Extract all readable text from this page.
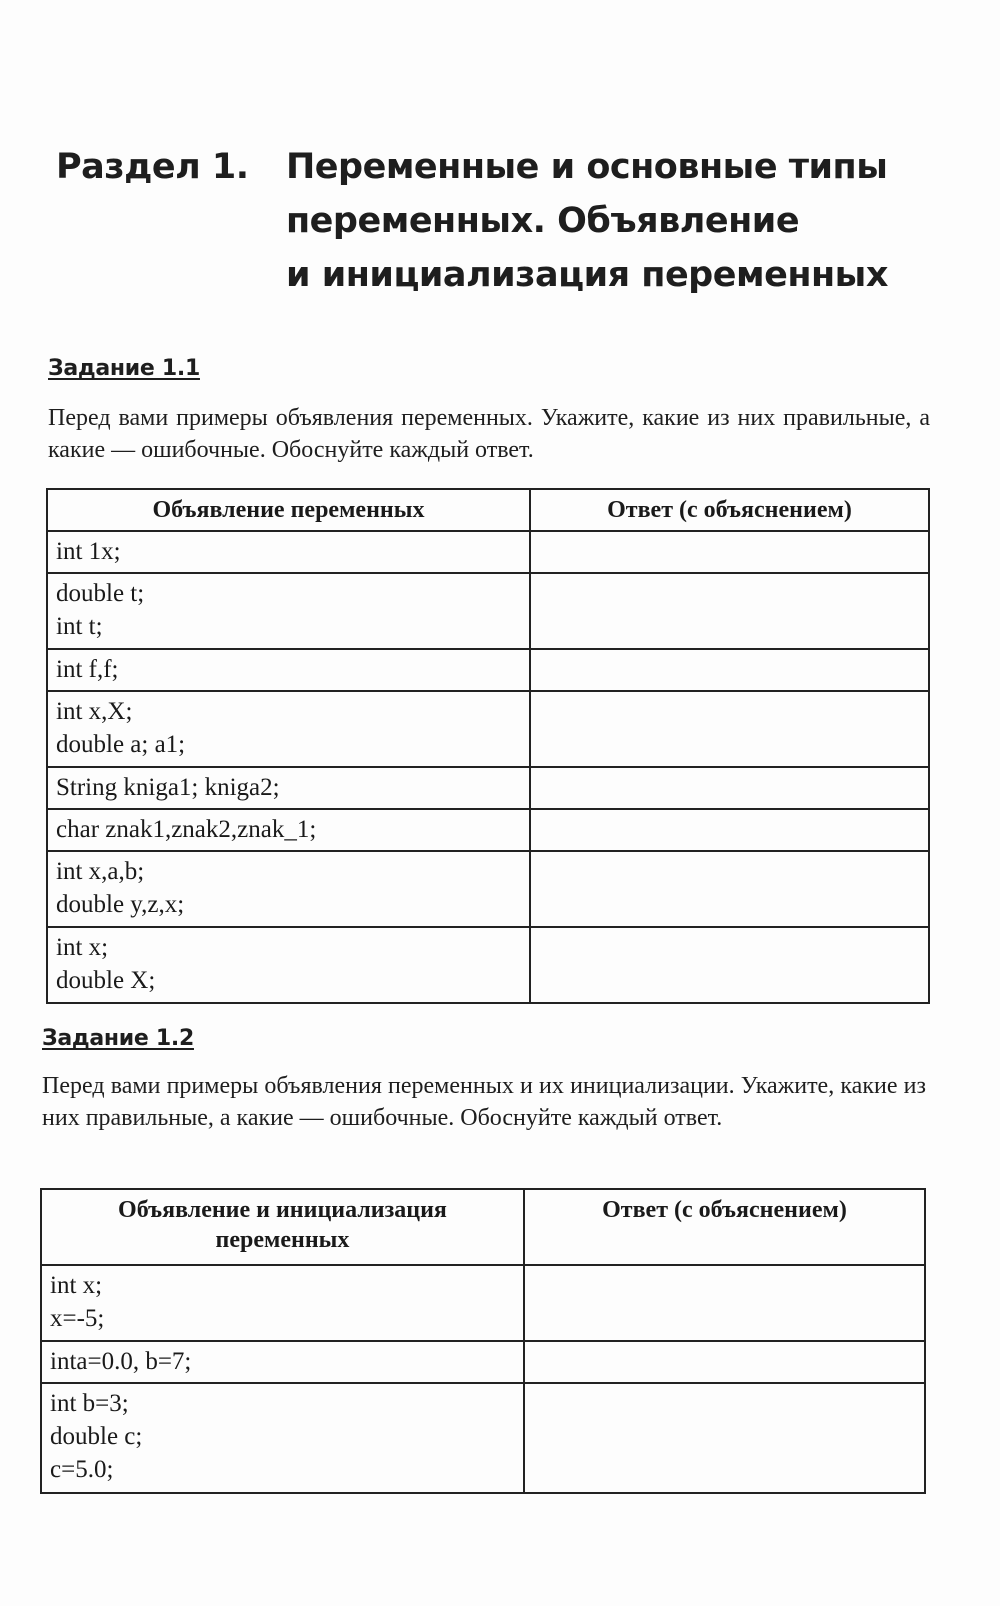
Раздел 1. Переменные и основные типы
переменных. Объявление
и инициализация переменных
Задание 1.1
Перед вами примеры объявления переменных. Укажите, какие из них правильные, а какие — ошибочные. Обоснуйте каждый ответ.
Объявление переменных	Ответ (с объяснением)

int 1x;	

double t;
int t;	

int f,f;	

int x,X;
double a; a1;	

String kniga1; kniga2;	

char znak1,znak2,znak_1;	

int x,a,b;
double y,z,x;	

int x;
double X;	

Задание 1.2
Перед вами примеры объявления переменных и их инициализации. Укажите, какие из них правильные, а какие — ошибочные. Обоснуйте каждый ответ.
Объявление и инициализация переменных	Ответ (с объяснением)

int x;
x=-5;	

inta=0.0, b=7;	

int b=3;
double c;
c=5.0;	
